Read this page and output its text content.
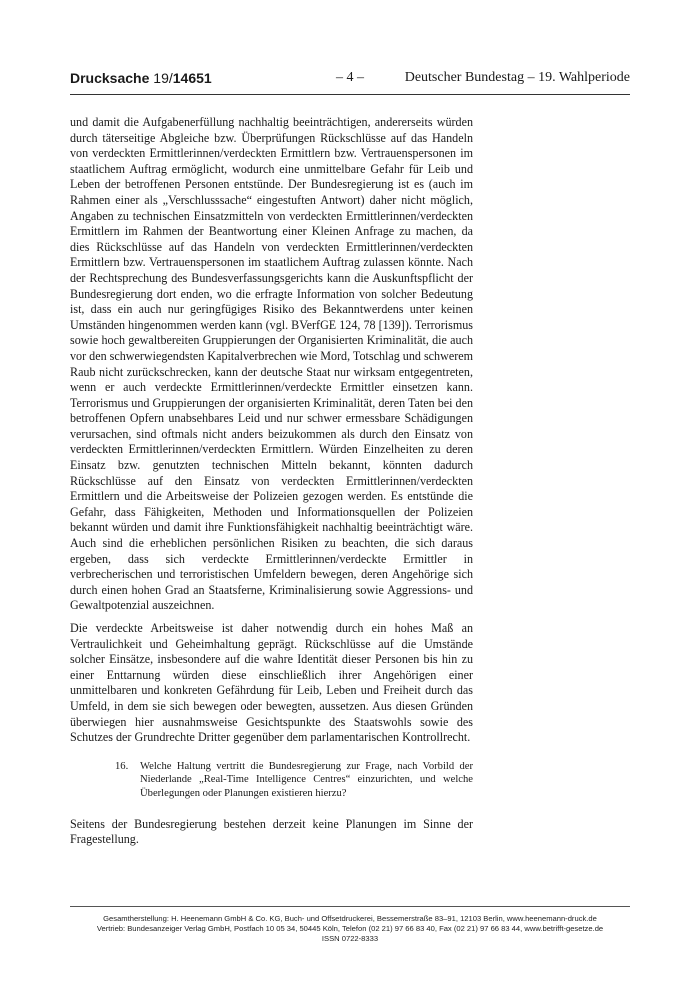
Drucksache 19/14651	– 4 –	Deutscher Bundestag – 19. Wahlperiode

und damit die Aufgabenerfüllung nachhaltig beeinträchtigen, andererseits würden durch täterseitige Abgleiche bzw. Überprüfungen Rückschlüsse auf das Handeln von verdeckten Ermittlerinnen/verdeckten Ermittlern bzw. Vertrauenspersonen im staatlichem Auftrag ermöglicht, wodurch eine unmittelbare Gefahr für Leib und Leben der betroffenen Personen entstünde. Der Bundesregierung ist es (auch im Rahmen einer als „Verschlusssache“ eingestuften Antwort) daher nicht möglich, Angaben zu technischen Einsatzmitteln von verdeckten Ermittlerinnen/verdeckten Ermittlern im Rahmen der Beantwortung einer Kleinen Anfrage zu machen, da dies Rückschlüsse auf das Handeln von verdeckten Ermittlerinnen/verdeckten Ermittlern bzw. Vertrauenspersonen im staatlichem Auftrag zulassen könnte. Nach der Rechtsprechung des Bundesverfassungsgerichts kann die Auskunftspflicht der Bundesregierung dort enden, wo die erfragte Information von solcher Bedeutung ist, dass ein auch nur geringfügiges Risiko des Bekanntwerdens unter keinen Umständen hingenommen werden kann (vgl. BVerfGE 124, 78 [139]). Terrorismus sowie hoch gewaltbereiten Gruppierungen der Organisierten Kriminalität, die auch vor den schwerwiegendsten Kapitalverbrechen wie Mord, Totschlag und schwerem Raub nicht zurückschrecken, kann der deutsche Staat nur wirksam entgegentreten, wenn er auch verdeckte Ermittlerinnen/verdeckte Ermittler einsetzen kann. Terrorismus und Gruppierungen der organisierten Kriminalität, deren Taten bei den betroffenen Opfern unabsehbares Leid und nur schwer ermessbare Schädigungen verursachen, sind oftmals nicht anders beizukommen als durch den Einsatz von verdeckten Ermittlerinnen/verdeckten Ermittlern. Würden Einzelheiten zu deren Einsatz bzw. genutzten technischen Mitteln bekannt, könnten dadurch Rückschlüsse auf den Einsatz von verdeckten Ermittlerinnen/verdeckten Ermittlern und die Arbeitsweise der Polizeien gezogen werden. Es entstünde die Gefahr, dass Fähigkeiten, Methoden und Informationsquellen der Polizeien bekannt würden und damit ihre Funktionsfähigkeit nachhaltig beeinträchtigt wäre. Auch sind die erheblichen persönlichen Risiken zu beachten, die sich daraus ergeben, dass sich verdeckte Ermittlerinnen/verdeckte Ermittler in verbrecherischen und terroristischen Umfeldern bewegen, deren Angehörige sich durch einen hohen Grad an Staatsferne, Kriminalisierung sowie Aggressions- und Gewaltpotenzial auszeichnen.

Die verdeckte Arbeitsweise ist daher notwendig durch ein hohes Maß an Vertraulichkeit und Geheimhaltung geprägt. Rückschlüsse auf die Umstände solcher Einsätze, insbesondere auf die wahre Identität dieser Personen bis hin zu einer Enttarnung würden diese einschließlich ihrer Angehörigen einer unmittelbaren und konkreten Gefährdung für Leib, Leben und Freiheit durch das Umfeld, in dem sie sich bewegen oder bewegten, aussetzen. Aus diesen Gründen überwiegen hier ausnahmsweise Gesichtspunkte des Staatswohls sowie des Schutzes der Grundrechte Dritter gegenüber dem parlamentarischen Kontrollrecht.

16. Welche Haltung vertritt die Bundesregierung zur Frage, nach Vorbild der Niederlande „Real-Time Intelligence Centres“ einzurichten, und welche Überlegungen oder Planungen existieren hierzu?

Seitens der Bundesregierung bestehen derzeit keine Planungen im Sinne der Fragestellung.

Gesamtherstellung: H. Heenemann GmbH & Co. KG, Buch- und Offsetdruckerei, Bessemerstraße 83–91, 12103 Berlin, www.heenemann-druck.de
Vertrieb: Bundesanzeiger Verlag GmbH, Postfach 10 05 34, 50445 Köln, Telefon (02 21) 97 66 83 40, Fax (02 21) 97 66 83 44, www.betrifft-gesetze.de
ISSN 0722-8333
